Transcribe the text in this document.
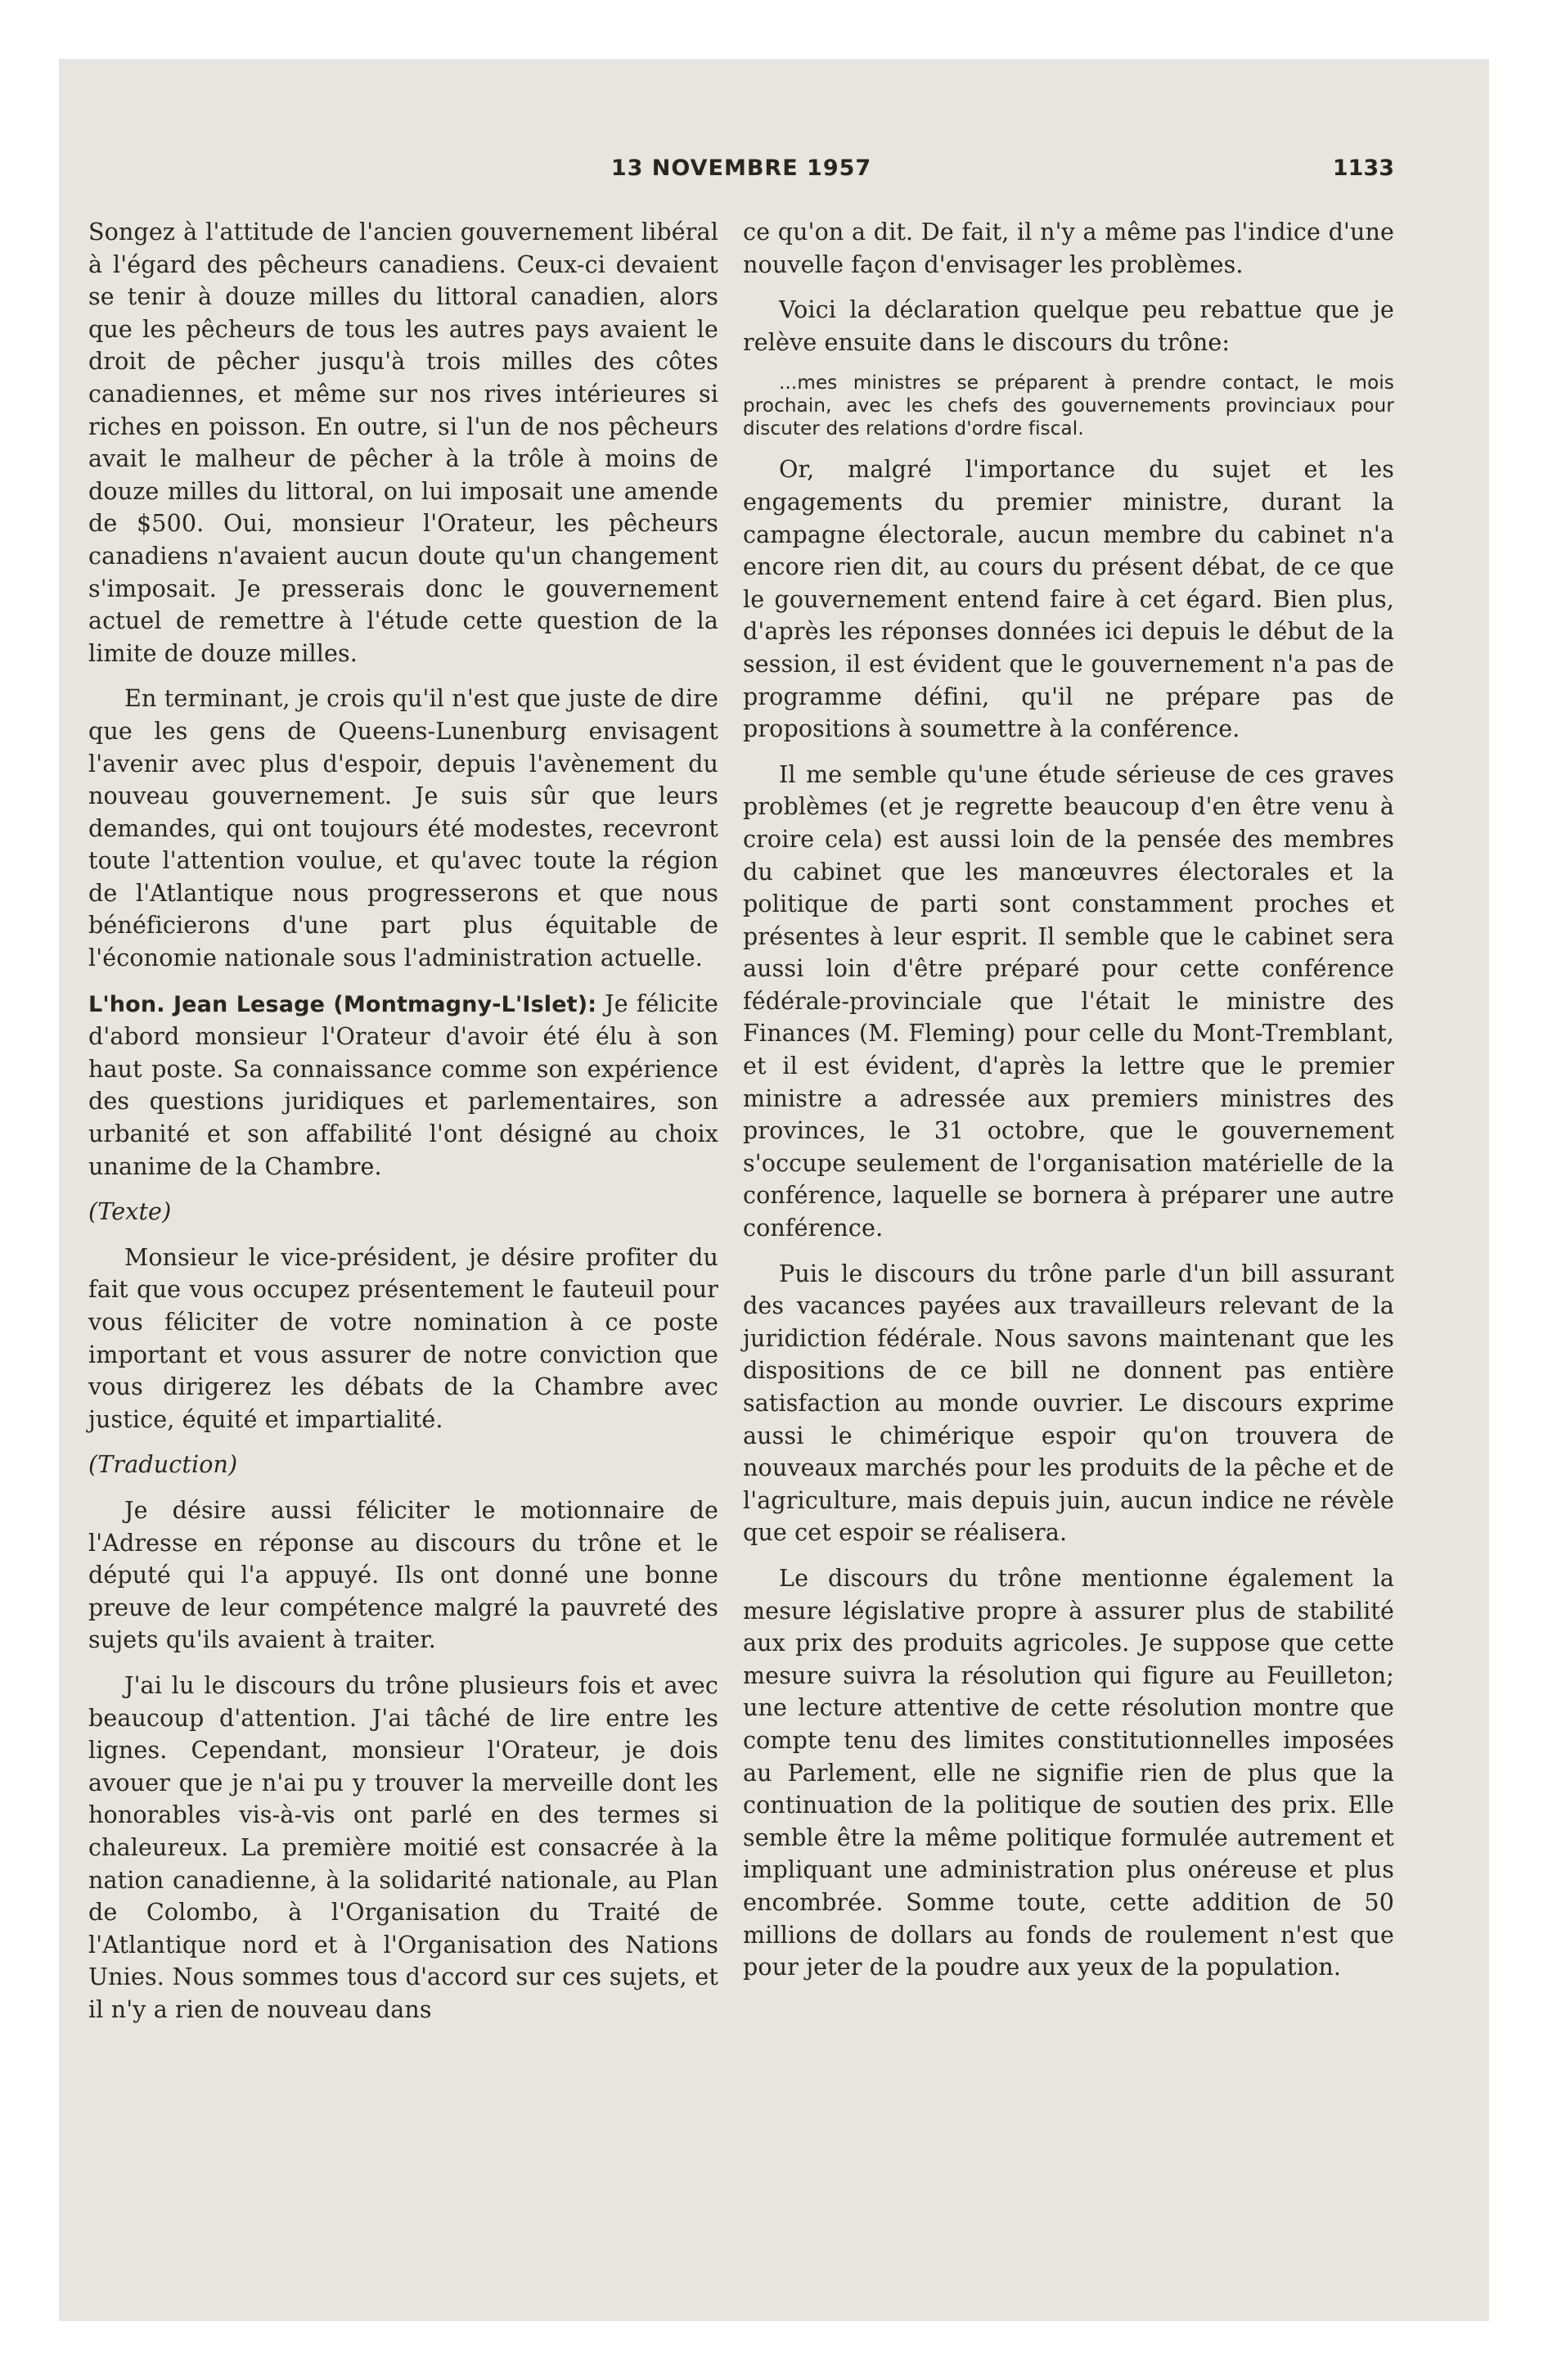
13 NOVEMBRE 1957	1133

Songez à l'attitude de l'ancien gouvernement libéral à l'égard des pêcheurs canadiens. Ceux-ci devaient se tenir à douze milles du littoral canadien, alors que les pêcheurs de tous les autres pays avaient le droit de pêcher jusqu'à trois milles des côtes canadiennes, et même sur nos rives intérieures si riches en poisson. En outre, si l'un de nos pêcheurs avait le malheur de pêcher à la trôle à moins de douze milles du littoral, on lui imposait une amende de $500. Oui, monsieur l'Orateur, les pêcheurs canadiens n'avaient aucun doute qu'un changement s'imposait. Je presserais donc le gouvernement actuel de remettre à l'étude cette question de la limite de douze milles.

En terminant, je crois qu'il n'est que juste de dire que les gens de Queens-Lunenburg envisagent l'avenir avec plus d'espoir, depuis l'avènement du nouveau gouvernement. Je suis sûr que leurs demandes, qui ont toujours été modestes, recevront toute l'attention voulue, et qu'avec toute la région de l'Atlantique nous progresserons et que nous bénéficierons d'une part plus équitable de l'économie nationale sous l'administration actuelle.

L'hon. Jean Lesage (Montmagny-L'Islet): Je félicite d'abord monsieur l'Orateur d'avoir été élu à son haut poste. Sa connaissance comme son expérience des questions juridiques et parlementaires, son urbanité et son affabilité l'ont désigné au choix unanime de la Chambre.

(Texte)

Monsieur le vice-président, je désire profiter du fait que vous occupez présentement le fauteuil pour vous féliciter de votre nomination à ce poste important et vous assurer de notre conviction que vous dirigerez les débats de la Chambre avec justice, équité et impartialité.

(Traduction)

Je désire aussi féliciter le motionnaire de l'Adresse en réponse au discours du trône et le député qui l'a appuyé. Ils ont donné une bonne preuve de leur compétence malgré la pauvreté des sujets qu'ils avaient à traiter.

J'ai lu le discours du trône plusieurs fois et avec beaucoup d'attention. J'ai tâché de lire entre les lignes. Cependant, monsieur l'Orateur, je dois avouer que je n'ai pu y trouver la merveille dont les honorables vis-à-vis ont parlé en des termes si chaleureux. La première moitié est consacrée à la nation canadienne, à la solidarité nationale, au Plan de Colombo, à l'Organisation du Traité de l'Atlantique nord et à l'Organisation des Nations Unies. Nous sommes tous d'accord sur ces sujets, et il n'y a rien de nouveau dans

ce qu'on a dit. De fait, il n'y a même pas l'indice d'une nouvelle façon d'envisager les problèmes.

Voici la déclaration quelque peu rebattue que je relève ensuite dans le discours du trône:

...mes ministres se préparent à prendre contact, le mois prochain, avec les chefs des gouvernements provinciaux pour discuter des relations d'ordre fiscal.

Or, malgré l'importance du sujet et les engagements du premier ministre, durant la campagne électorale, aucun membre du cabinet n'a encore rien dit, au cours du présent débat, de ce que le gouvernement entend faire à cet égard. Bien plus, d'après les réponses données ici depuis le début de la session, il est évident que le gouvernement n'a pas de programme défini, qu'il ne prépare pas de propositions à soumettre à la conférence.

Il me semble qu'une étude sérieuse de ces graves problèmes (et je regrette beaucoup d'en être venu à croire cela) est aussi loin de la pensée des membres du cabinet que les manœuvres électorales et la politique de parti sont constamment proches et présentes à leur esprit. Il semble que le cabinet sera aussi loin d'être préparé pour cette conférence fédérale-provinciale que l'était le ministre des Finances (M. Fleming) pour celle du Mont-Tremblant, et il est évident, d'après la lettre que le premier ministre a adressée aux premiers ministres des provinces, le 31 octobre, que le gouvernement s'occupe seulement de l'organisation matérielle de la conférence, laquelle se bornera à préparer une autre conférence.

Puis le discours du trône parle d'un bill assurant des vacances payées aux travailleurs relevant de la juridiction fédérale. Nous savons maintenant que les dispositions de ce bill ne donnent pas entière satisfaction au monde ouvrier. Le discours exprime aussi le chimérique espoir qu'on trouvera de nouveaux marchés pour les produits de la pêche et de l'agriculture, mais depuis juin, aucun indice ne révèle que cet espoir se réalisera.

Le discours du trône mentionne également la mesure législative propre à assurer plus de stabilité aux prix des produits agricoles. Je suppose que cette mesure suivra la résolution qui figure au Feuilleton; une lecture attentive de cette résolution montre que compte tenu des limites constitutionnelles imposées au Parlement, elle ne signifie rien de plus que la continuation de la politique de soutien des prix. Elle semble être la même politique formulée autrement et impliquant une administration plus onéreuse et plus encombrée. Somme toute, cette addition de 50 millions de dollars au fonds de roulement n'est que pour jeter de la poudre aux yeux de la population.
